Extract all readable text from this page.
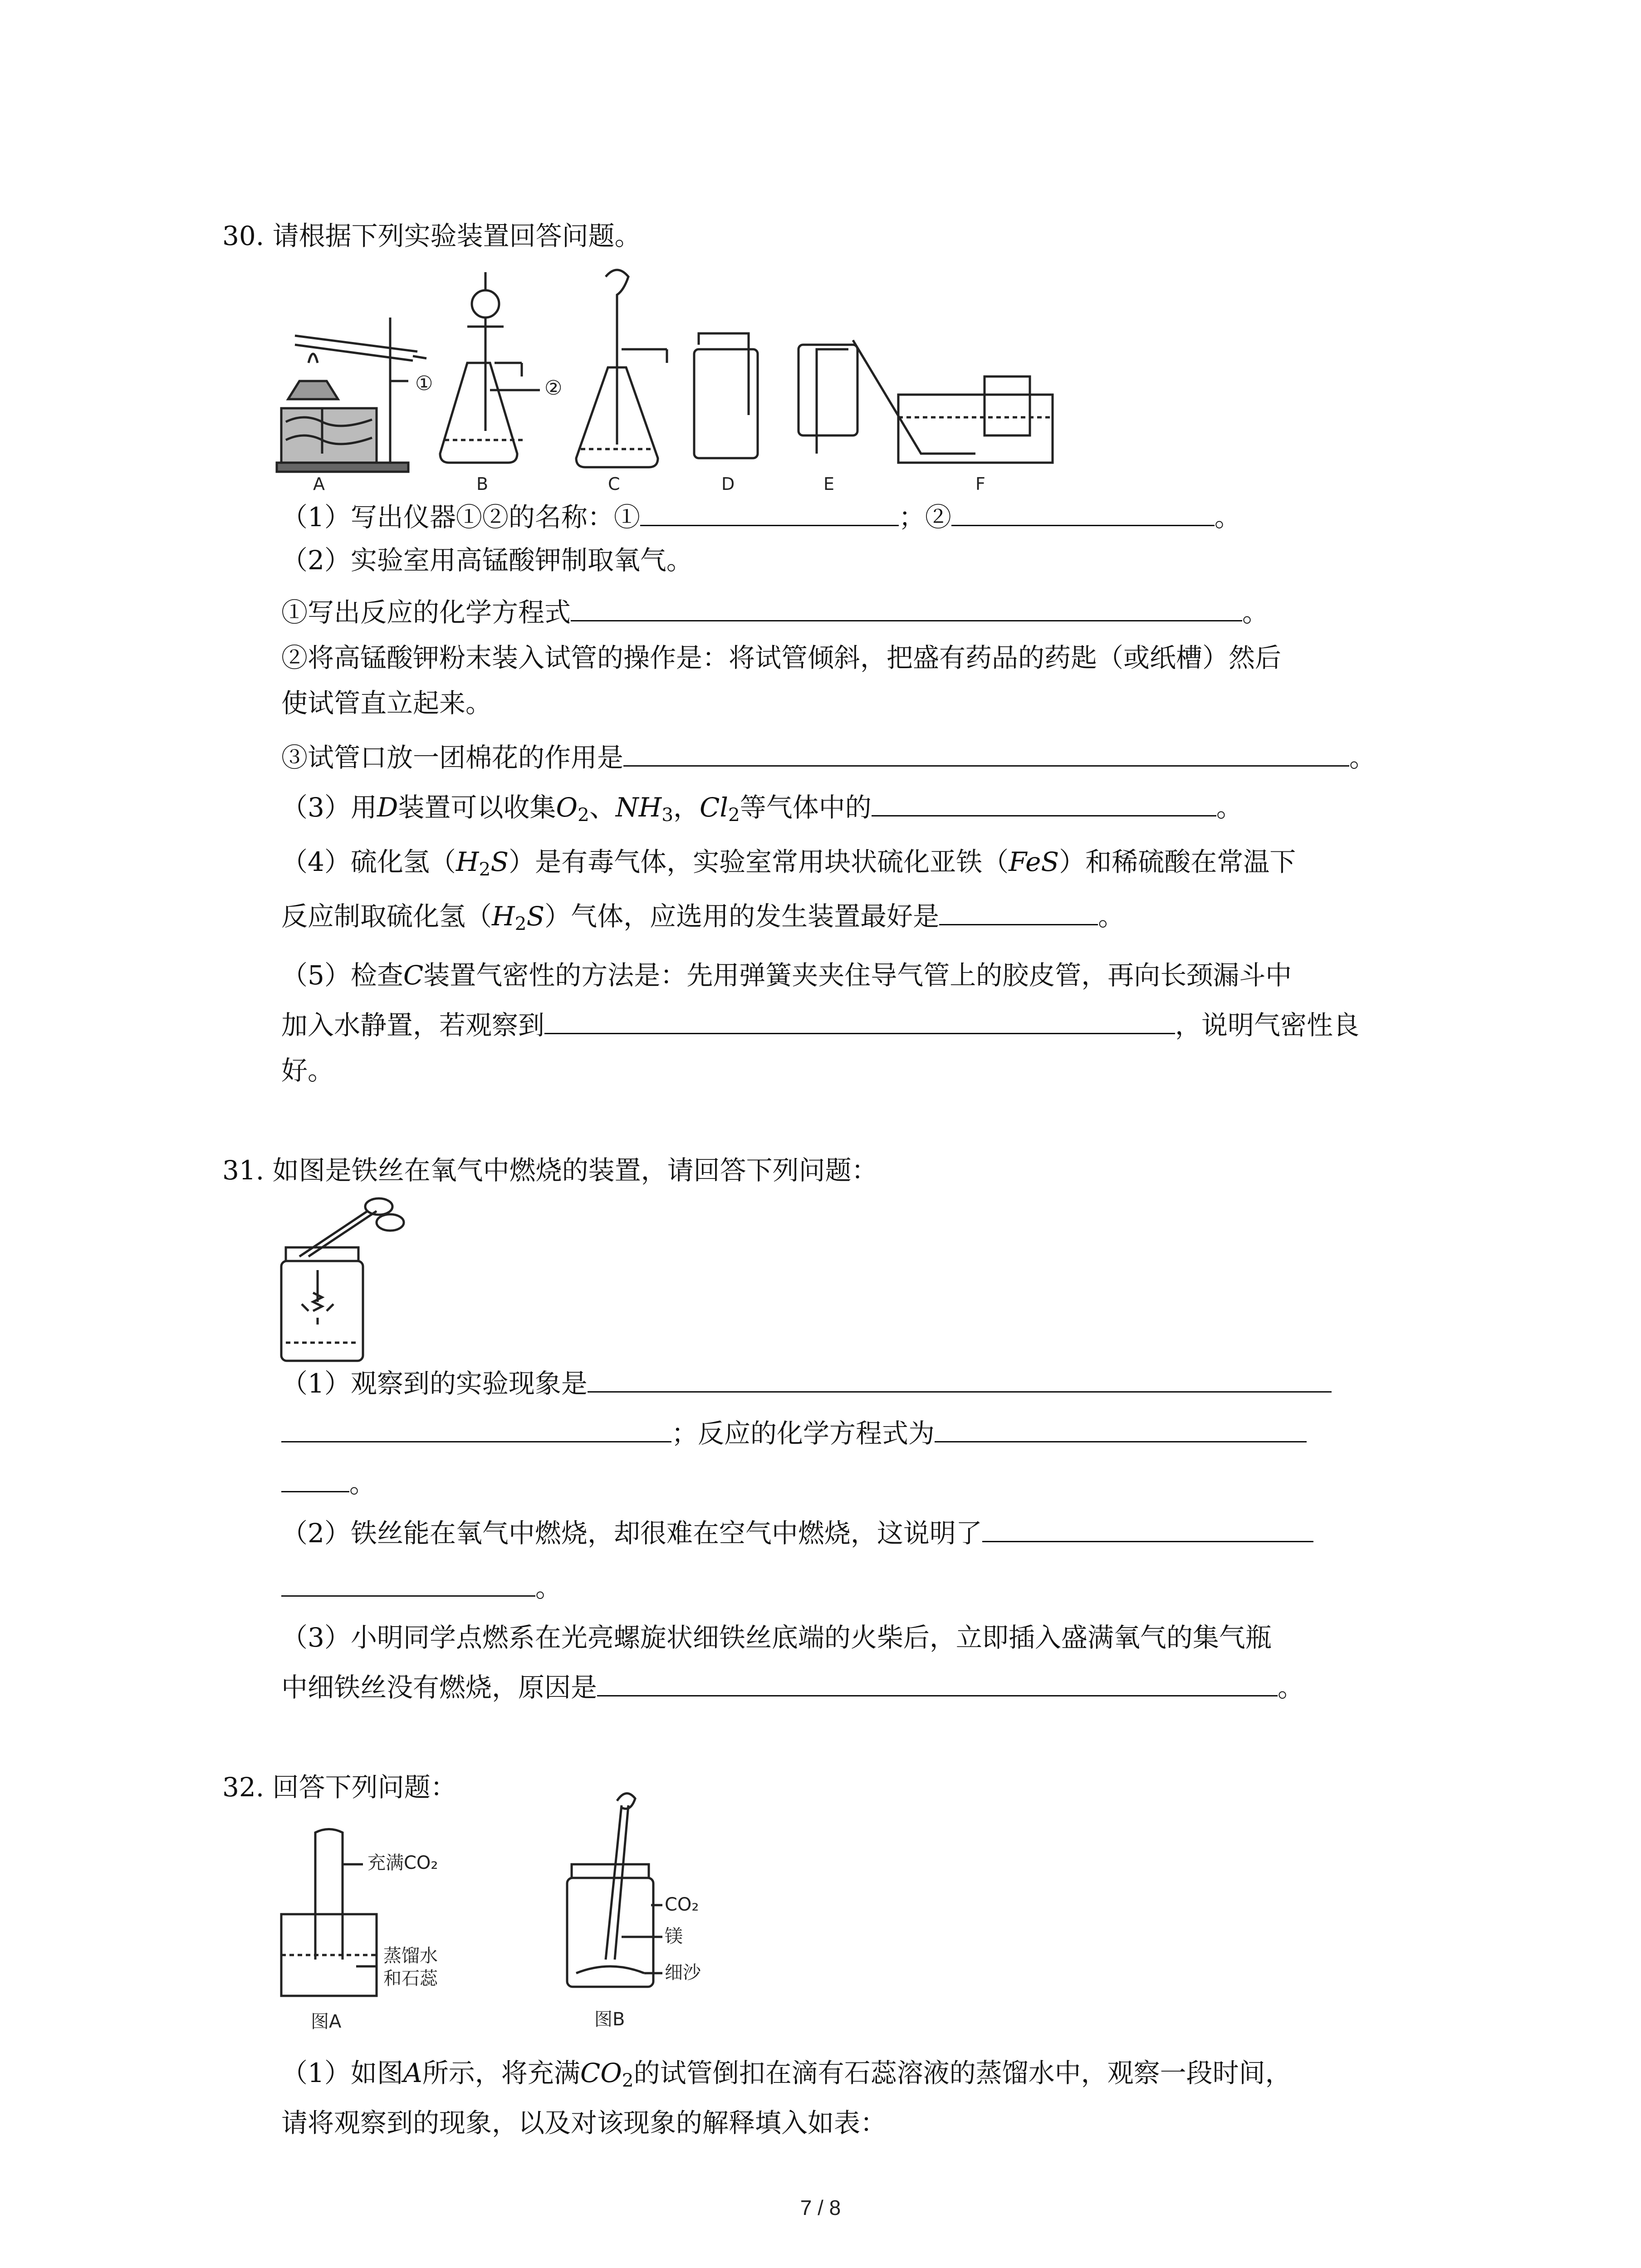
30. 请根据下列实验装置回答问题。
①	②
A	B	C	D	E	F
（1）写出仪器①②的名称：①	；②	。
（2）实验室用高锰酸钾制取氧气。
①写出反应的化学方程式	。
②将高锰酸钾粉末装入试管的操作是：将试管倾斜，把盛有药品的药匙（或纸槽）然后
使试管直立起来。
③试管口放一团棉花的作用是	。
（3）用D装置可以收集$O_2$、$NH_3$，$Cl_2$等气体中的	。
（4）硫化氢$(H_2S)$是有毒气体，实验室常用块状硫化亚铁（FeS）和稀硫酸在常温下
反应制取硫化氢$(H_2S)$气体，应选用的发生装置最好是	。
（5）检查C装置气密性的方法是：先用弹簧夹夹住导气管上的胶皮管，再向长颈漏斗中
加入水静置，若观察到	，说明气密性良
好。
31. 如图是铁丝在氧气中燃烧的装置，请回答下列问题：
（1）观察到的实验现象是
；反应的化学方程式为
。
（2）铁丝能在氧气中燃烧，却很难在空气中燃烧，这说明了
。
（3）小明同学点燃系在光亮螺旋状细铁丝底端的火柴后，立即插入盛满氧气的集气瓶
中细铁丝没有燃烧，原因是	。
32. 回答下列问题：
充满CO₂
蒸馏水
和石蕊
图A
CO₂
镁
细沙
图B
（1）如图A所示，将充满$CO_2$的试管倒扣在滴有石蕊溶液的蒸馏水中，观察一段时间，
请将观察到的现象，以及对该现象的解释填入如表：
7 / 8
